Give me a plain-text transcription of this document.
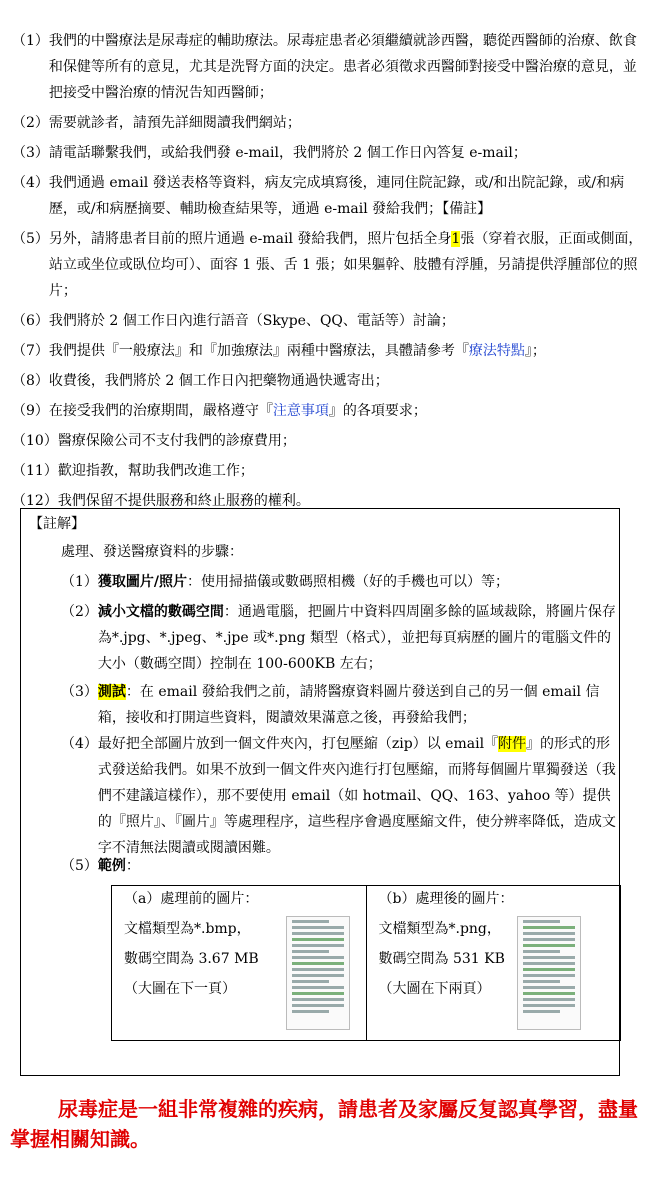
（1） 我們的中醫療法是尿毒症的輔助療法。尿毒症患者必須繼續就診西醫，聽從西醫師的治療、飲食和保健等所有的意見，尤其是洗腎方面的決定。患者必須徵求西醫師對接受中醫治療的意見，並把接受中醫治療的情況告知西醫師；
（2） 需要就診者，請預先詳細閱讀我們網站；
（3） 請電話聯繫我們，或給我們發 e-mail，我們將於 2 個工作日內答复 e-mail；
（4） 我們通過 email 發送表格等資料，病友完成填寫後，連同住院記錄，或/和出院記錄，或/和病歷，或/和病歷摘要、輔助檢查結果等，通過 e-mail 發給我們；【備註】
（5） 另外，請將患者目前的照片通過 e-mail 發給我們，照片包括全身1張（穿着衣服，正面或側面，站立或坐位或臥位均可）、面容 1 張、舌 1 張；如果軀幹、肢體有浮腫，另請提供浮腫部位的照片；
（6） 我們將於 2 個工作日內進行語音（Skype、QQ、電話等）討論；
（7） 我們提供『一般療法』和『加強療法』兩種中醫療法，具體請參考『療法特點』；
（8） 收費後，我們將於 2 個工作日內把藥物通過快遞寄出；
（9） 在接受我們的治療期間，嚴格遵守『注意事項』的各項要求；
（10） 醫療保險公司不支付我們的診療費用；
（11） 歡迎指教，幫助我們改進工作；
（12） 我們保留不提供服務和終止服務的權利。
【註解】
處理、發送醫療資料的步驟：
（1） 獲取圖片/照片：使用掃描儀或數碼照相機（好的手機也可以）等；
（2） 減小文檔的數碼空間：通過電腦，把圖片中資料四周圍多餘的區域裁除，將圖片保存為*.jpg、*.jpeg、*.jpe 或*.png 類型（格式），並把每頁病歷的圖片的電腦文件的大小（數碼空間）控制在 100-600KB 左右；
（3） 測試：在 email 發給我們之前，請將醫療資料圖片發送到自己的另一個 email 信箱，接收和打開這些資料，閱讀效果滿意之後，再發給我們；
（4） 最好把全部圖片放到一個文件夾內，打包壓縮（zip）以 email『附件』的形式的形式發送給我們。如果不放到一個文件夾內進行打包壓縮，而將每個圖片單獨發送（我們不建議這樣作），那不要使用 email（如 hotmail、QQ、163、yahoo 等）提供的『照片』、『圖片』等處理程序，這些程序會過度壓縮文件，使分辨率降低，造成文字不清無法閱讀或閱讀困難。
（5） 範例：
（a）處理前的圖片：
文檔類型為*.bmp，
數碼空間為 3.67 MB
（大圖在下一頁）
（b）處理後的圖片：
文檔類型為*.png，
數碼空間為 531 KB
（大圖在下兩頁）
尿毒症是一組非常複雜的疾病，請患者及家屬反复認真學習，盡量掌握相關知識。
